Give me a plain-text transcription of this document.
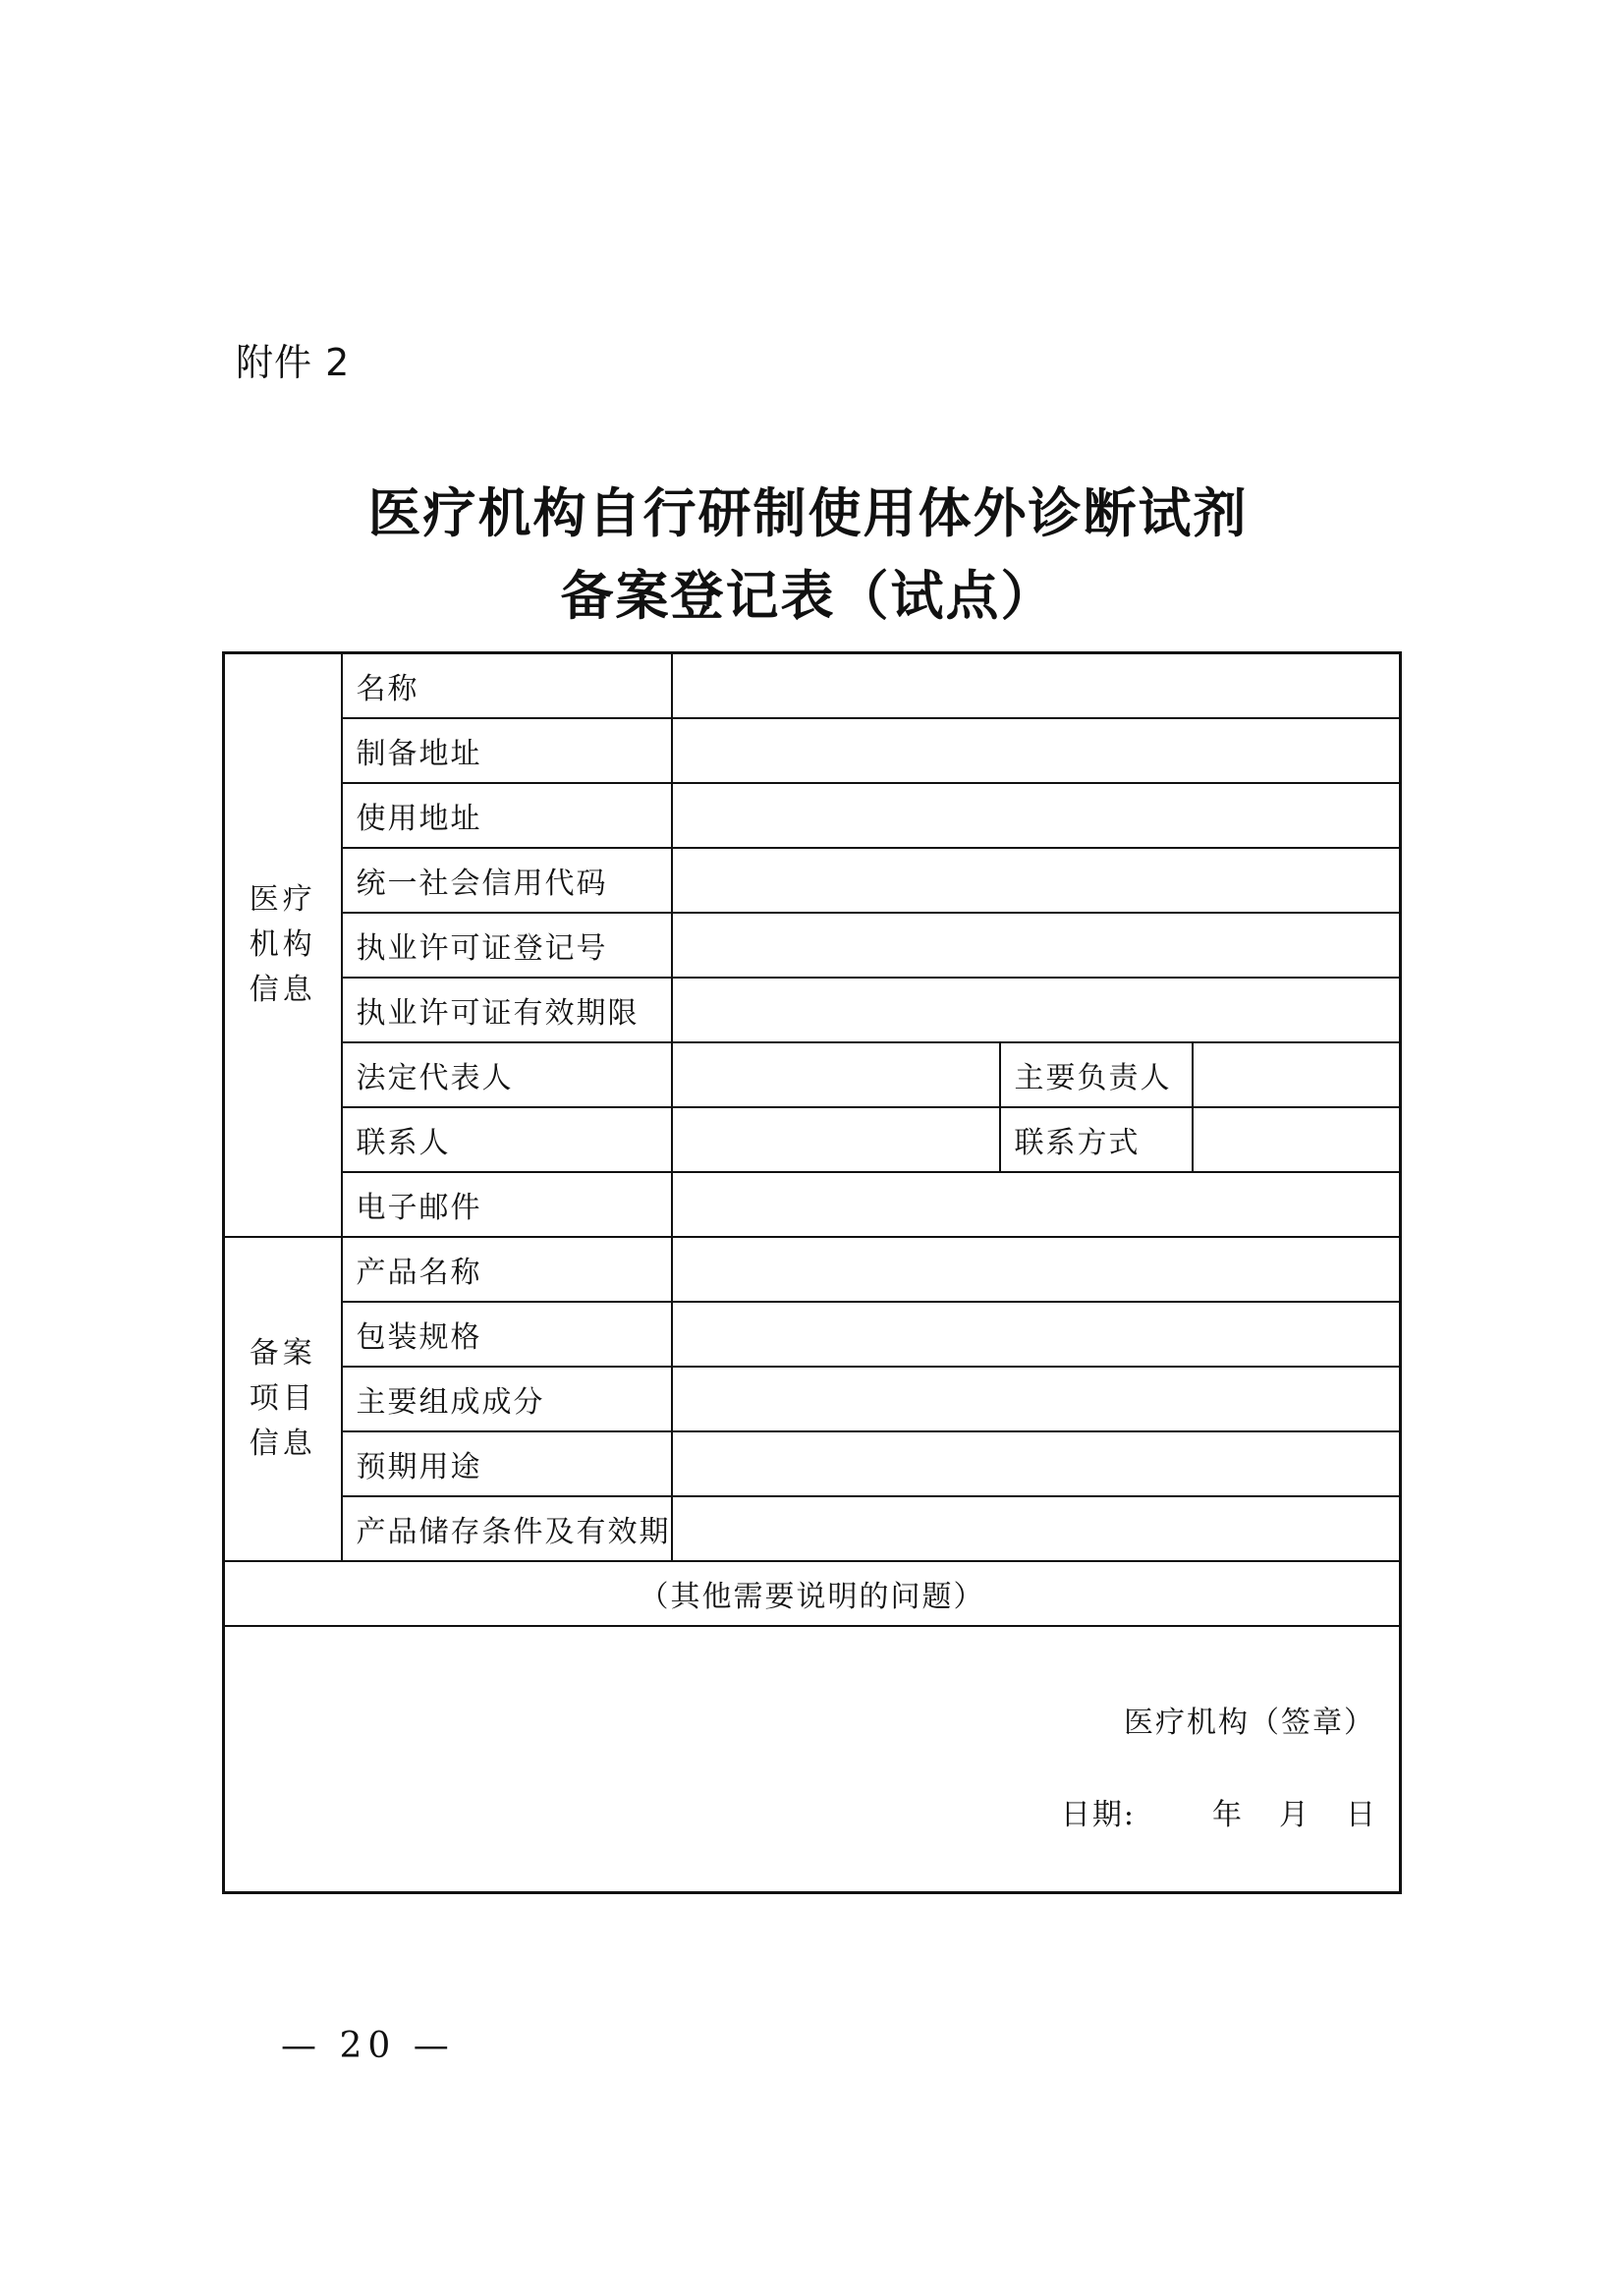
附件 2
医疗机构自行研制使用体外诊断试剂
备案登记表（试点）
医疗
机构
信息	名称			
	制备地址			
	使用地址			
	统一社会信用代码			
	执业许可证登记号			
	执业许可证有效期限			
	法定代表人		主要负责人	
	联系人		联系方式	
	电子邮件			

备案
项目
信息	产品名称			
	包装规格			
	主要组成成分			
	预期用途			
	产品储存条件及有效期			
（其他需要说明的问题）				

医疗机构（签章）
日期: 年 月 日				
— 20 —
